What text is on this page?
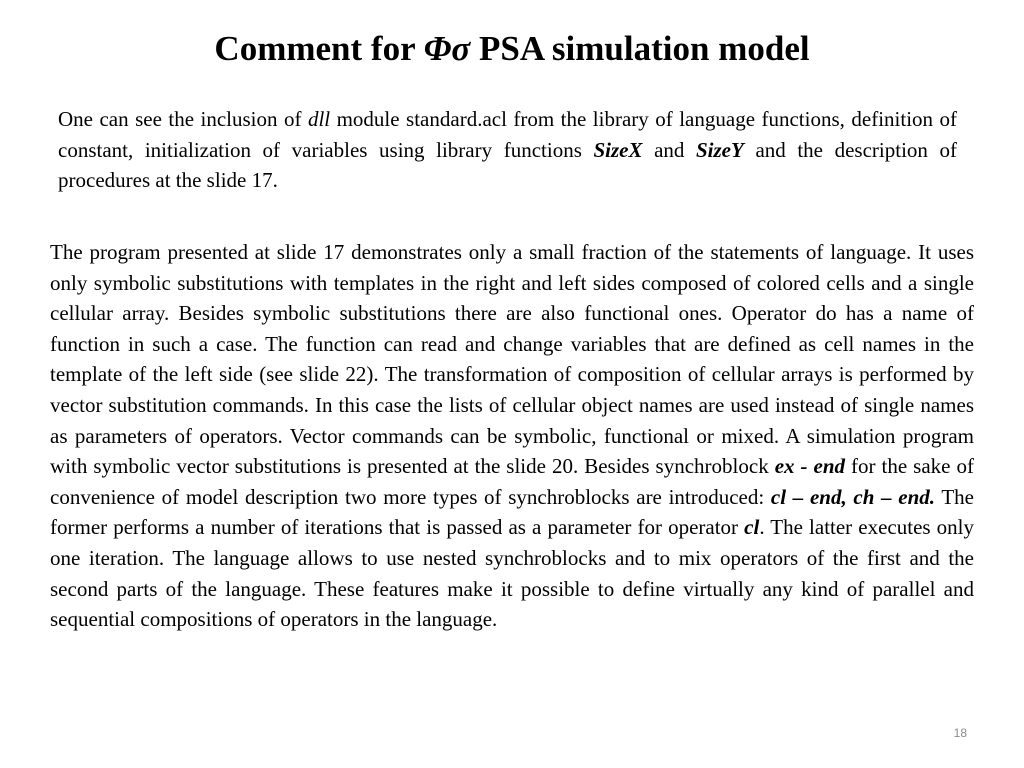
Comment for Φσ PSA simulation model
One can see the inclusion of dll module standard.acl from the library of language functions, definition of constant, initialization of variables using library functions SizeX and SizeY and the description of procedures at the slide 17.
The program presented at slide 17 demonstrates only a small fraction of the statements of language. It uses only symbolic substitutions with templates in the right and left sides composed of colored cells and a single cellular array. Besides symbolic substitutions there are also functional ones. Operator do has a name of function in such a case. The function can read and change variables that are defined as cell names in the template of the left side (see slide 22). The transformation of composition of cellular arrays is performed by vector substitution commands. In this case the lists of cellular object names are used instead of single names as parameters of operators. Vector commands can be symbolic, functional or mixed. A simulation program with symbolic vector substitutions is presented at the slide 20. Besides synchroblock ex - end for the sake of convenience of model description two more types of synchroblocks are introduced: cl – end, ch – end. The former performs a number of iterations that is passed as a parameter for operator cl. The latter executes only one iteration. The language allows to use nested synchroblocks and to mix operators of the first and the second parts of the language. These features make it possible to define virtually any kind of parallel and sequential compositions of operators in the language.
18
